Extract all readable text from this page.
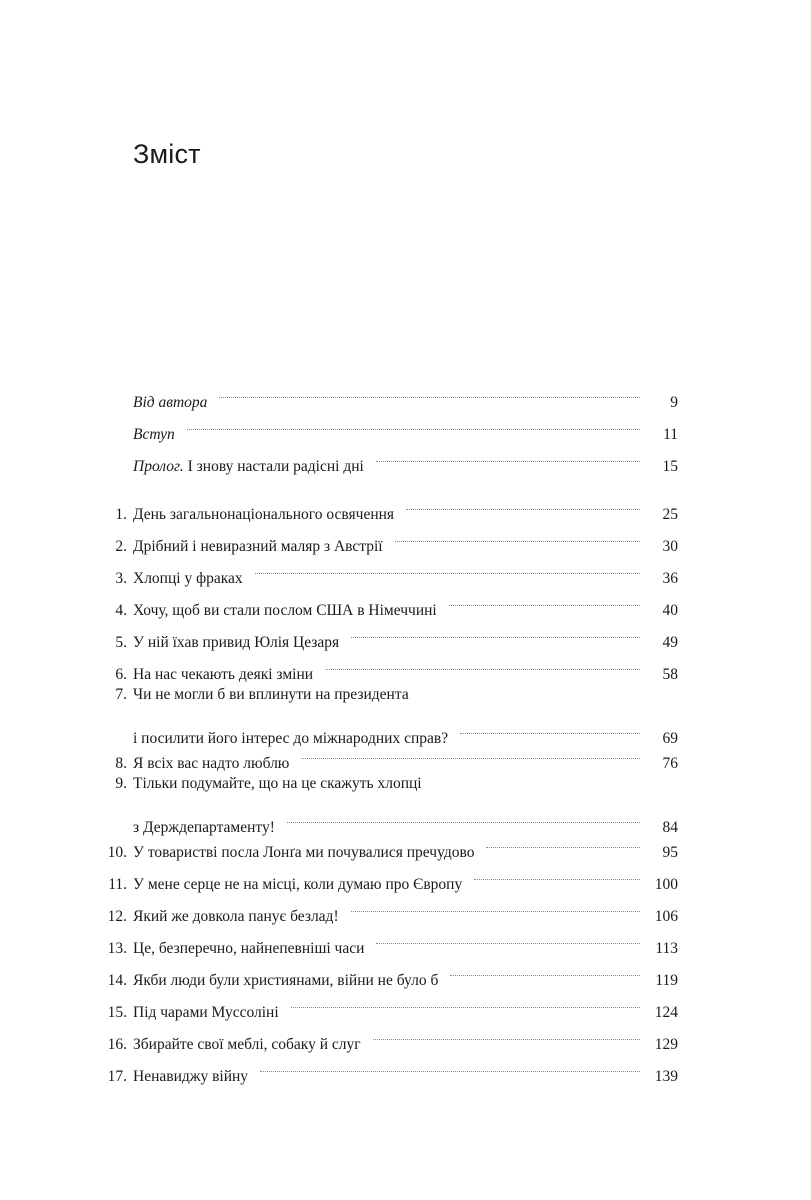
Зміст
Від автора	9
Вступ	11
Пролог. І знову настали радісні дні	15
1. День загальнонаціонального освячення	25
2. Дрібний і невиразний маляр з Австрії	30
3. Хлопці у фраках	36
4. Хочу, щоб ви стали послом США в Німеччині	40
5. У ній їхав привид Юлія Цезаря	49
6. На нас чекають деякі зміни	58
7. Чи не могли б ви вплинути на президента
і посилити його інтерес до міжнародних справ?	69
8. Я всіх вас надто люблю	76
9. Тільки подумайте, що на це скажуть хлопці
з Держдепартаменту!	84
10. У товаристві посла Лонґа ми почувалися пречудово	95
11. У мене серце не на місці, коли думаю про Європу	100
12. Який же довкола панує безлад!	106
13. Це, безперечно, найнепевніші часи	113
14. Якби люди були християнами, війни не було б	119
15. Під чарами Муссоліні	124
16. Збирайте свої меблі, собаку й слуг	129
17. Ненавиджу війну	139
